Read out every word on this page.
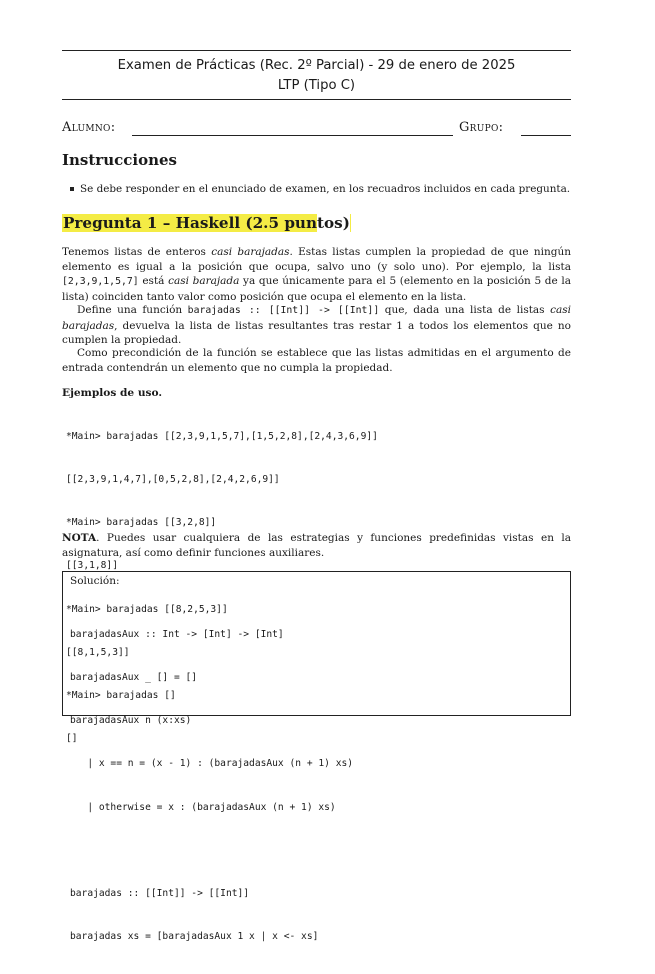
Examen de Prácticas (Rec. 2º Parcial) - 29 de enero de 2025
LTP (Tipo C)
Alumno:	Grupo:
Instrucciones
Se debe responder en el enunciado de examen, en los recuadros incluidos en cada pregunta.
Pregunta 1 – Haskell (2.5 puntos)
Tenemos listas de enteros casi barajadas. Estas listas cumplen la propiedad de que ningún elemento es igual a la posición que ocupa, salvo uno (y solo uno). Por ejemplo, la lista [2,3,9,1,5,7] está casi barajada ya que únicamente para el 5 (elemento en la posición 5 de la lista) coinciden tanto valor como posición que ocupa el elemento en la lista.
Define una función barajadas :: [[Int]] -> [[Int]] que, dada una lista de listas casi barajadas, devuelva la lista de listas resultantes tras restar 1 a todos los elementos que no cumplen la propiedad.
Como precondición de la función se establece que las listas admitidas en el argumento de entrada contendrán un elemento que no cumpla la propiedad.
Ejemplos de uso.

*Main> barajadas [[2,3,9,1,5,7],[1,5,2,8],[2,4,3,6,9]]

[[2,3,9,1,4,7],[0,5,2,8],[2,4,2,6,9]]

*Main> barajadas [[3,2,8]]

[[3,1,8]]

*Main> barajadas [[8,2,5,3]]

[[8,1,5,3]]

*Main> barajadas []

[]

NOTA. Puedes usar cualquiera de las estrategias y funciones predefinidas vistas en la asignatura, así como definir funciones auxiliares.
Solución:

barajadasAux :: Int -> [Int] -> [Int]

barajadasAux _ [] = []

barajadasAux n (x:xs)

| x == n = (x - 1) : (barajadasAux (n + 1) xs)

| otherwise = x : (barajadasAux (n + 1) xs)

barajadas :: [[Int]] -> [[Int]]

barajadas xs = [barajadasAux 1 x | x <- xs]
